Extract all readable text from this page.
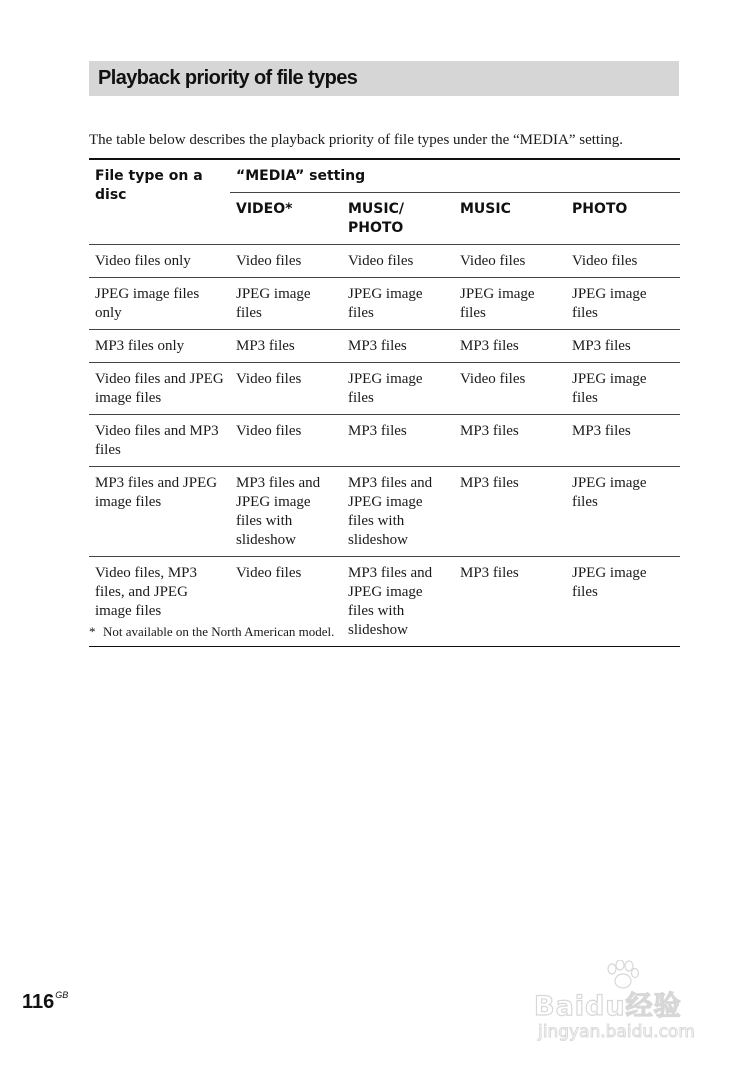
Playback priority of file types

The table below describes the playback priority of file types under the “MEDIA” setting.

File type on a disc	“MEDIA” setting			
	VIDEO*	MUSIC/ PHOTO	MUSIC	PHOTO
Video files only	Video files	Video files	Video files	Video files
JPEG image files only	JPEG image files	JPEG image files	JPEG image files	JPEG image files
MP3 files only	MP3 files	MP3 files	MP3 files	MP3 files
Video files and JPEG image files	Video files	JPEG image files	Video files	JPEG image files
Video files and MP3 files	Video files	MP3 files	MP3 files	MP3 files
MP3 files and JPEG image files	MP3 files and JPEG image files with slideshow	MP3 files and JPEG image files with slideshow	MP3 files	JPEG image files
Video files, MP3 files, and JPEG image files	Video files	MP3 files and JPEG image files with slideshow	MP3 files	JPEG image files
* Not available on the North American model.
$116^{GB}$	Baidu经验
jingyan.baidu.com
